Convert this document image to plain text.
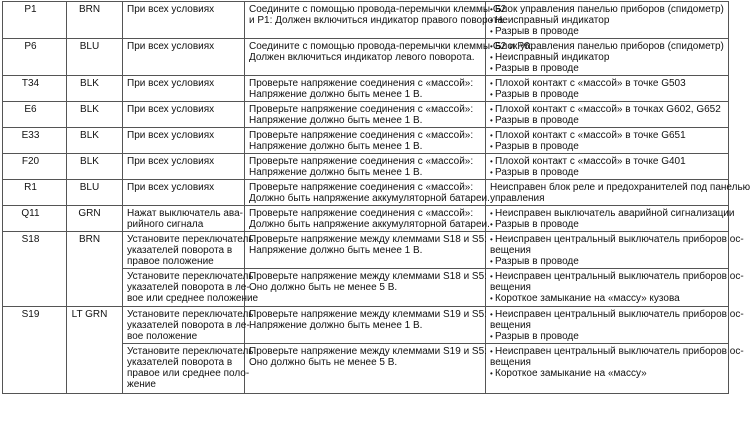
P1	BRN	При всех условиях	Соедините с помощью провода-перемычки клеммы G2
и P1: Должен включиться индикатор правого поворота.	• Блок управления панелью приборов (спидометр)
• Неисправный индикатор
• Разрыв в проводе

P6	BLU	При всех условиях	Соедините с помощью провода-перемычки клеммы G2 и P6:
Должен включиться индикатор левого поворота.	• Блок управления панелью приборов (спидометр)
• Неисправный индикатор
• Разрыв в проводе

T34	BLK	При всех условиях	Проверьте напряжение соединения с «массой»:
Напряжение должно быть менее 1 В.	• Плохой контакт с «массой» в точке G503
• Разрыв в проводе

E6	BLK	При всех условиях	Проверьте напряжение соединения с «массой»:
Напряжение должно быть менее 1 В.	• Плохой контакт с «массой» в точках G602, G652
• Разрыв в проводе

E33	BLK	При всех условиях	Проверьте напряжение соединения с «массой»:
Напряжение должно быть менее 1 В.	• Плохой контакт с «массой» в точке G651
• Разрыв в проводе

F20	BLK	При всех условиях	Проверьте напряжение соединения с «массой»:
Напряжение должно быть менее 1 В.	• Плохой контакт с «массой» в точке G401
• Разрыв в проводе

R1	BLU	При всех условиях	Проверьте напряжение соединения с «массой»:
Должно быть напряжение аккумуляторной батареи.	Неисправен блок реле и предохранителей под панелью
управления

Q11	GRN	Нажат выключатель ава-
рийного сигнала	Проверьте напряжение соединения с «массой»:
Должно быть напряжение аккумуляторной батареи.	• Неисправен выключатель аварийной сигнализации
• Разрыв в проводе

S18	BRN	Установите переключатель
указателей поворота в
правое положение	Проверьте напряжение между клеммами S18 и S5:
Напряжение должно быть менее 1 В.	• Неисправен центральный выключатель приборов ос-
вещения
• Разрыв в проводе

		Установите переключатель
указателей поворота в ле-
вое или среднее положение	Проверьте напряжение между клеммами S18 и S5:
Оно должно быть не менее 5 В.	• Неисправен центральный выключатель приборов ос-
вещения
• Короткое замыкание на «массу» кузова

S19	LT GRN	Установите переключатель
указателей поворота в ле-
вое положение	Проверьте напряжение между клеммами S19 и S5:
Напряжение должно быть менее 1 В.	• Неисправен центральный выключатель приборов ос-
вещения
• Разрыв в проводе

		Установите переключатель
указателей поворота в
правое или среднее поло-
жение	Проверьте напряжение между клеммами S19 и S5:
Оно должно быть не менее 5 В.	• Неисправен центральный выключатель приборов ос-
вещения
• Короткое замыкание на «массу»
